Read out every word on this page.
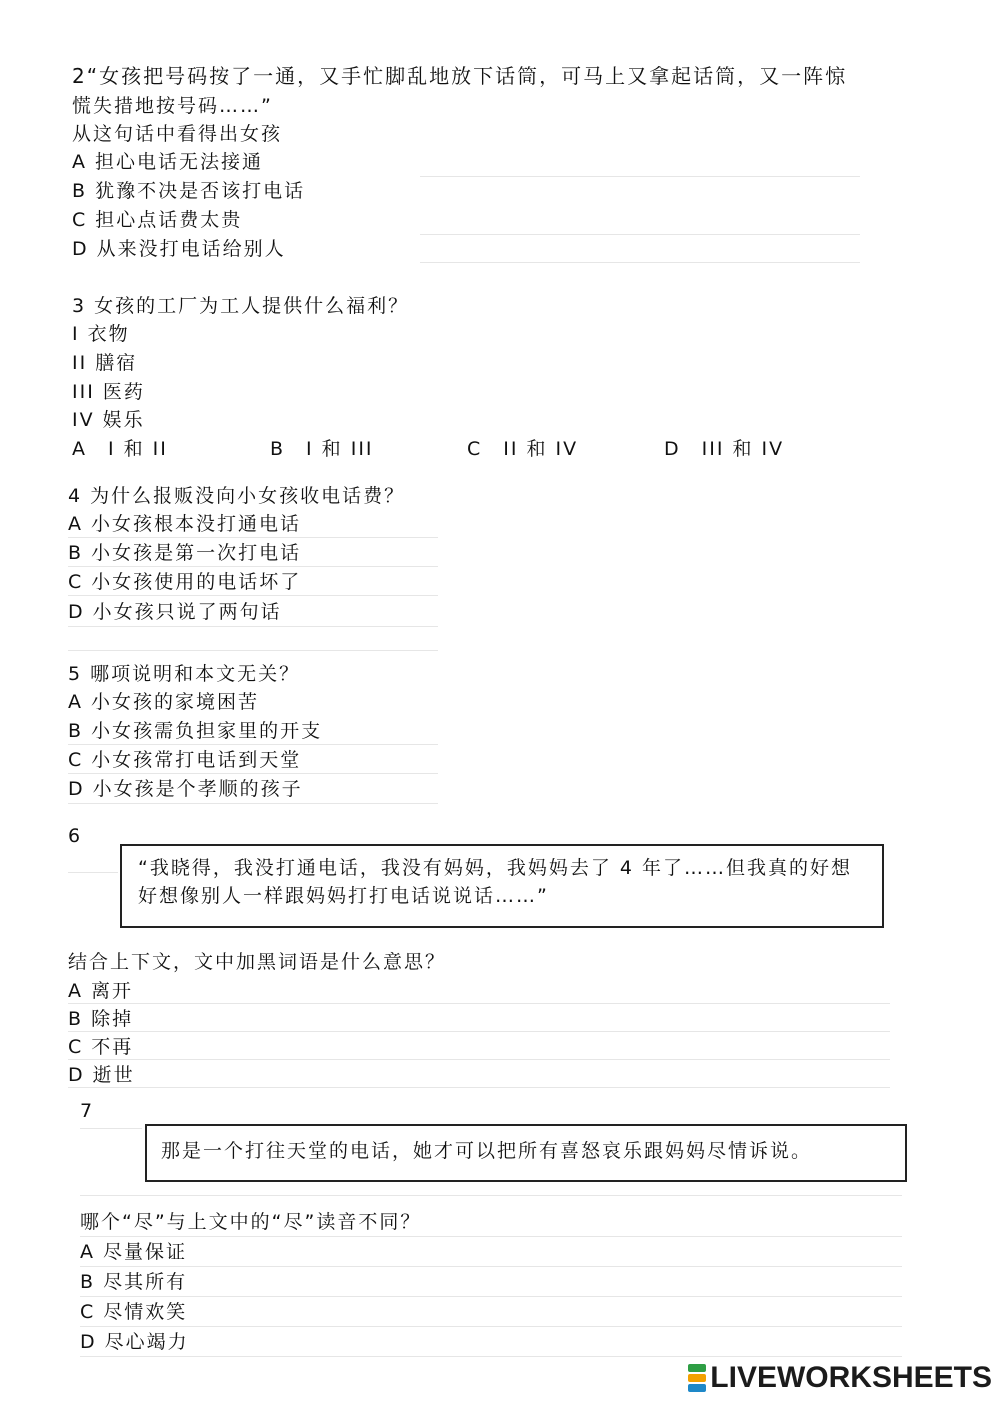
2“女孩把号码按了一通，又手忙脚乱地放下话筒，可马上又拿起话筒，又一阵惊
慌失措地按号码……”
从这句话中看得出女孩
A 担心电话无法接通
B 犹豫不决是否该打电话
C 担心点话费太贵
D 从来没打电话给别人
3 女孩的工厂为工人提供什么福利？
I 衣物
II 膳宿
III 医药
IV 娱乐
A　I 和 II	B　I 和 III	C　II 和 IV	D　III 和 IV
4 为什么报贩没向小女孩收电话费？
A 小女孩根本没打通电话
B 小女孩是第一次打电话
C 小女孩使用的电话坏了
D 小女孩只说了两句话
5 哪项说明和本文无关？
A 小女孩的家境困苦
B 小女孩需负担家里的开支
C 小女孩常打电话到天堂
D 小女孩是个孝顺的孩子
6
“我晓得，我没打通电话，我没有妈妈，我妈妈去了 4 年了……但我真的好想
好想像别人一样跟妈妈打打电话说说话……”
结合上下文，文中加黑词语是什么意思？
A 离开
B 除掉
C 不再
D 逝世
7
那是一个打往天堂的电话，她才可以把所有喜怒哀乐跟妈妈尽情诉说。
哪个“尽”与上文中的“尽”读音不同？
A 尽量保证
B 尽其所有
C 尽情欢笑
D 尽心竭力
LIVEWORKSHEETS
